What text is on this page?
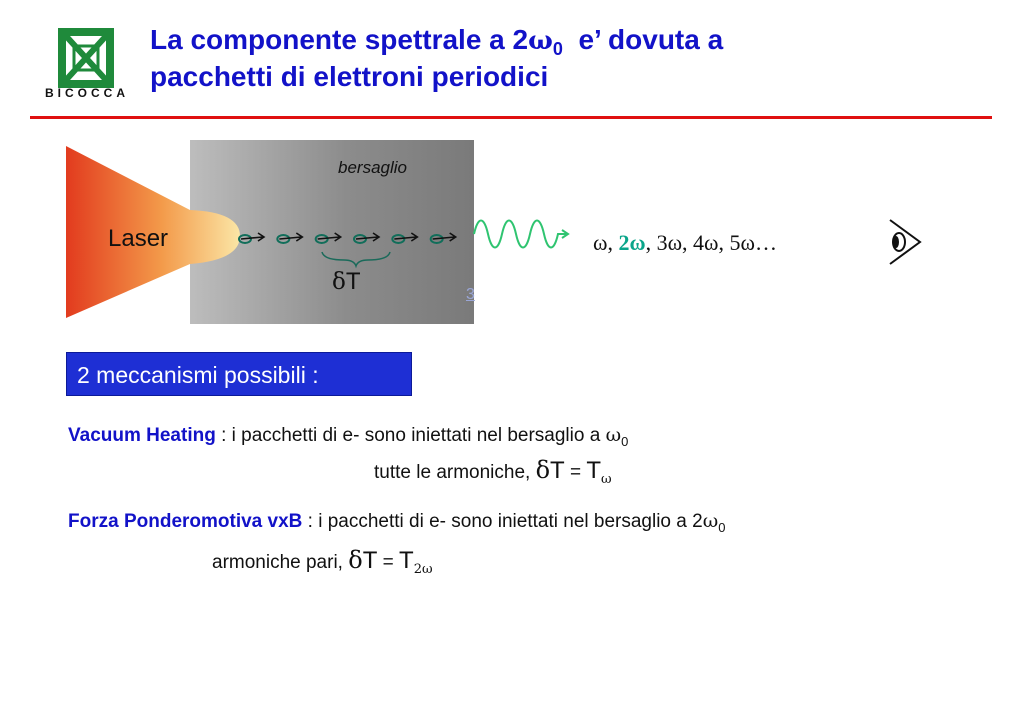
BICOCCA
La componente spettrale a $2\omega_0$  e’ dovuta a
pacchetti di elettroni periodici
bersaglio
Laser
δT	3
ω, 2ω, 3ω, 4ω, 5ω…
2 meccanismi possibili :
Vacuum Heating : i pacchetti di e- sono iniettati nel bersaglio a $\omega_0$
tutte le armoniche, $\delta T = T_\omega$
Forza Ponderomotiva vxB : i pacchetti di e- sono iniettati nel bersaglio a $2\omega_0$
armoniche pari, $\delta T = T_{2\omega}$
